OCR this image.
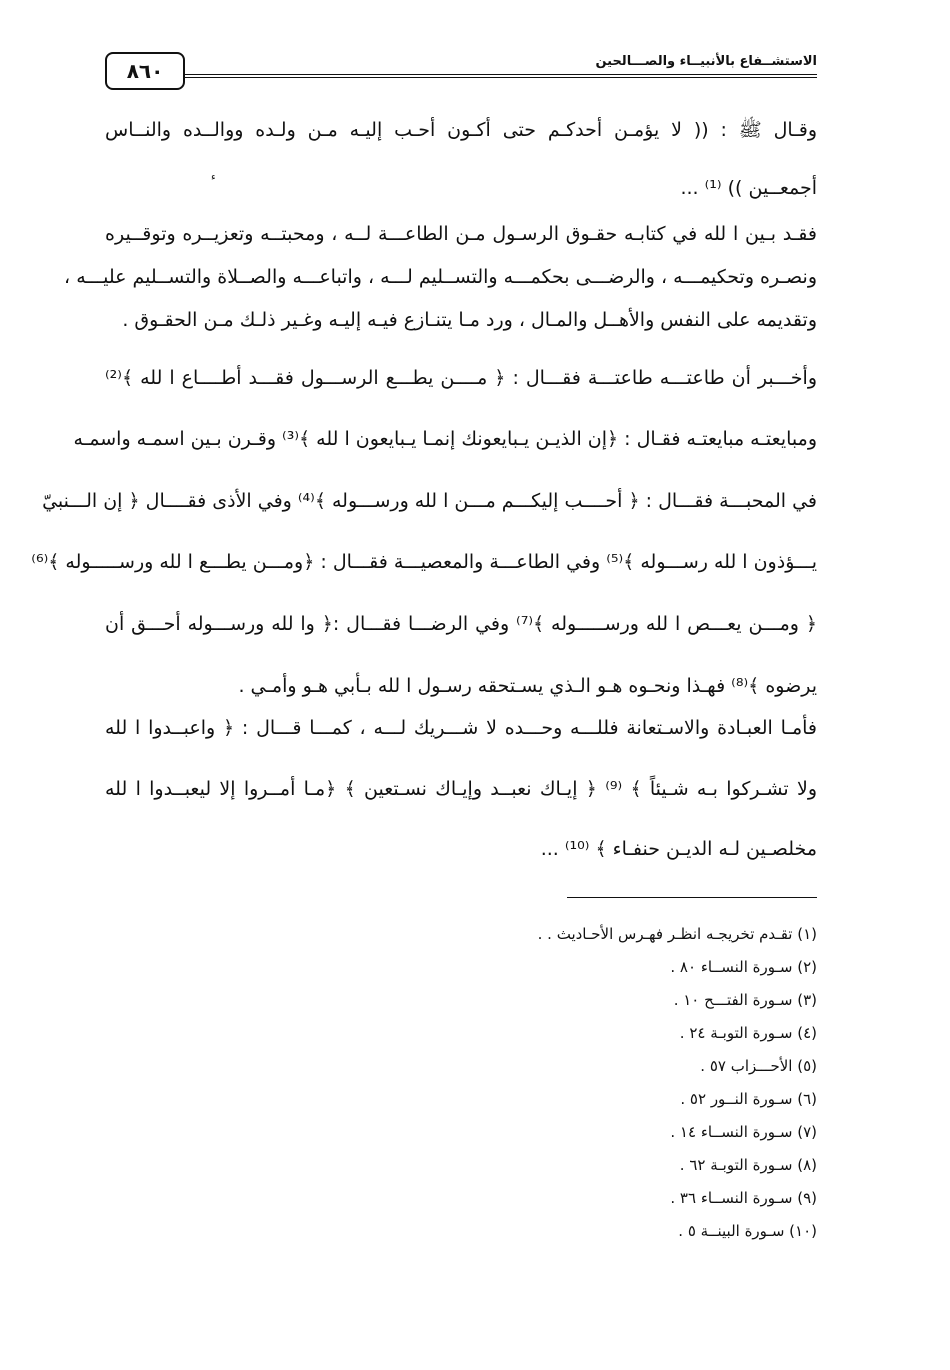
٨٦٠	الاستشــفاع بالأنبيــاء والصـــالحين
وقـال ﷺ : (( لا يؤمـن أحدكـم حتى أكـون أحـب إليـه مـن ولـده ووالــده والنــاس
أجمعــين )) ⁽¹⁾ ...
ء
فقـد بـين ا لله في كتابـه حقـوق الرسـول مـن الطاعـــة لــه ، ومحبتــه وتعزيــره وتوقــيره
ونصـره وتحكيمـــه ، والرضـــى بحكمـــه والتســليم لـــه ، واتباعـــه والصــلاة والتســليم عليـــه ،
وتقديمه على النفس والأهــل والمـال ، ورد مـا يتنـازع فيـه إليـه وغـير ذلـك مـن الحقـوق .
وأخـــبر أن طاعتـــه طاعتـــة فقـــال : ﴿ مــــن يطـــع الرســـول فقـــد أطــــاع ا لله ﴾⁽²⁾
ومبايعتـه مبايعتـه فقـال : ﴿إن الذيـن يـبايعونك إنمـا يـبايعون ا لله ﴾⁽³⁾ وقـرن بـين اسمـه واسمـه
في المحبـــة فقـــال : ﴿ أحــــب إليكـــم مـــن ا لله ورســـوله ﴾⁽⁴⁾ وفي الأذى فقــــال ﴿ إن الـــنبيّ
يـــؤذون ا لله رســـوله ﴾⁽⁵⁾ وفي الطاعـــة والمعصيـــة فقـــال : ﴿ومـــن يطـــع ا لله ورســـــوله ﴾⁽⁶⁾
﴿ ومـــن يعـــص ا لله ورســـــوله ﴾⁽⁷⁾ وفي الرضـــا فقـــال :﴿ وا لله ورســـوله أحـــق أن
يرضوه ﴾⁽⁸⁾ فهـذا ونحـوه هـو الـذي يسـتحقه رسـول ا لله بـأبي هـو وأمـي .
فأمـا العبـادة والاسـتعانة فللـــه وحـــده لا شـــريك لـــه ، كمـــا قـــال : ﴿ واعبــدوا ا لله
ولا تشـركوا بـه شـيئاً ﴾ ⁽⁹⁾ ﴿ إيـاك نعبــد وإيـاك نسـتعين ﴾ ﴿مـا أمــروا إلا ليعبــدوا ا لله
مخلصـين لـه الديـن حنفـاء ﴾ ⁽¹⁰⁾ ...
(١) تقـدم تخريجـه انظـر فهـرس الأحـاديث . .
(٢) سـورة النســاء ٨٠ .
(٣) سـورة الفتـــح ١٠ .
(٤) سـورة التوبـة ٢٤ .
(٥) الأحـــزاب ٥٧ .
(٦) سـورة النــور ٥٢ .
(٧) سـورة النســاء ١٤ .
(٨) سـورة التوبـة ٦٢ .
(٩) سـورة النســاء ٣٦ .
(١٠) سـورة البينــة ٥ .
